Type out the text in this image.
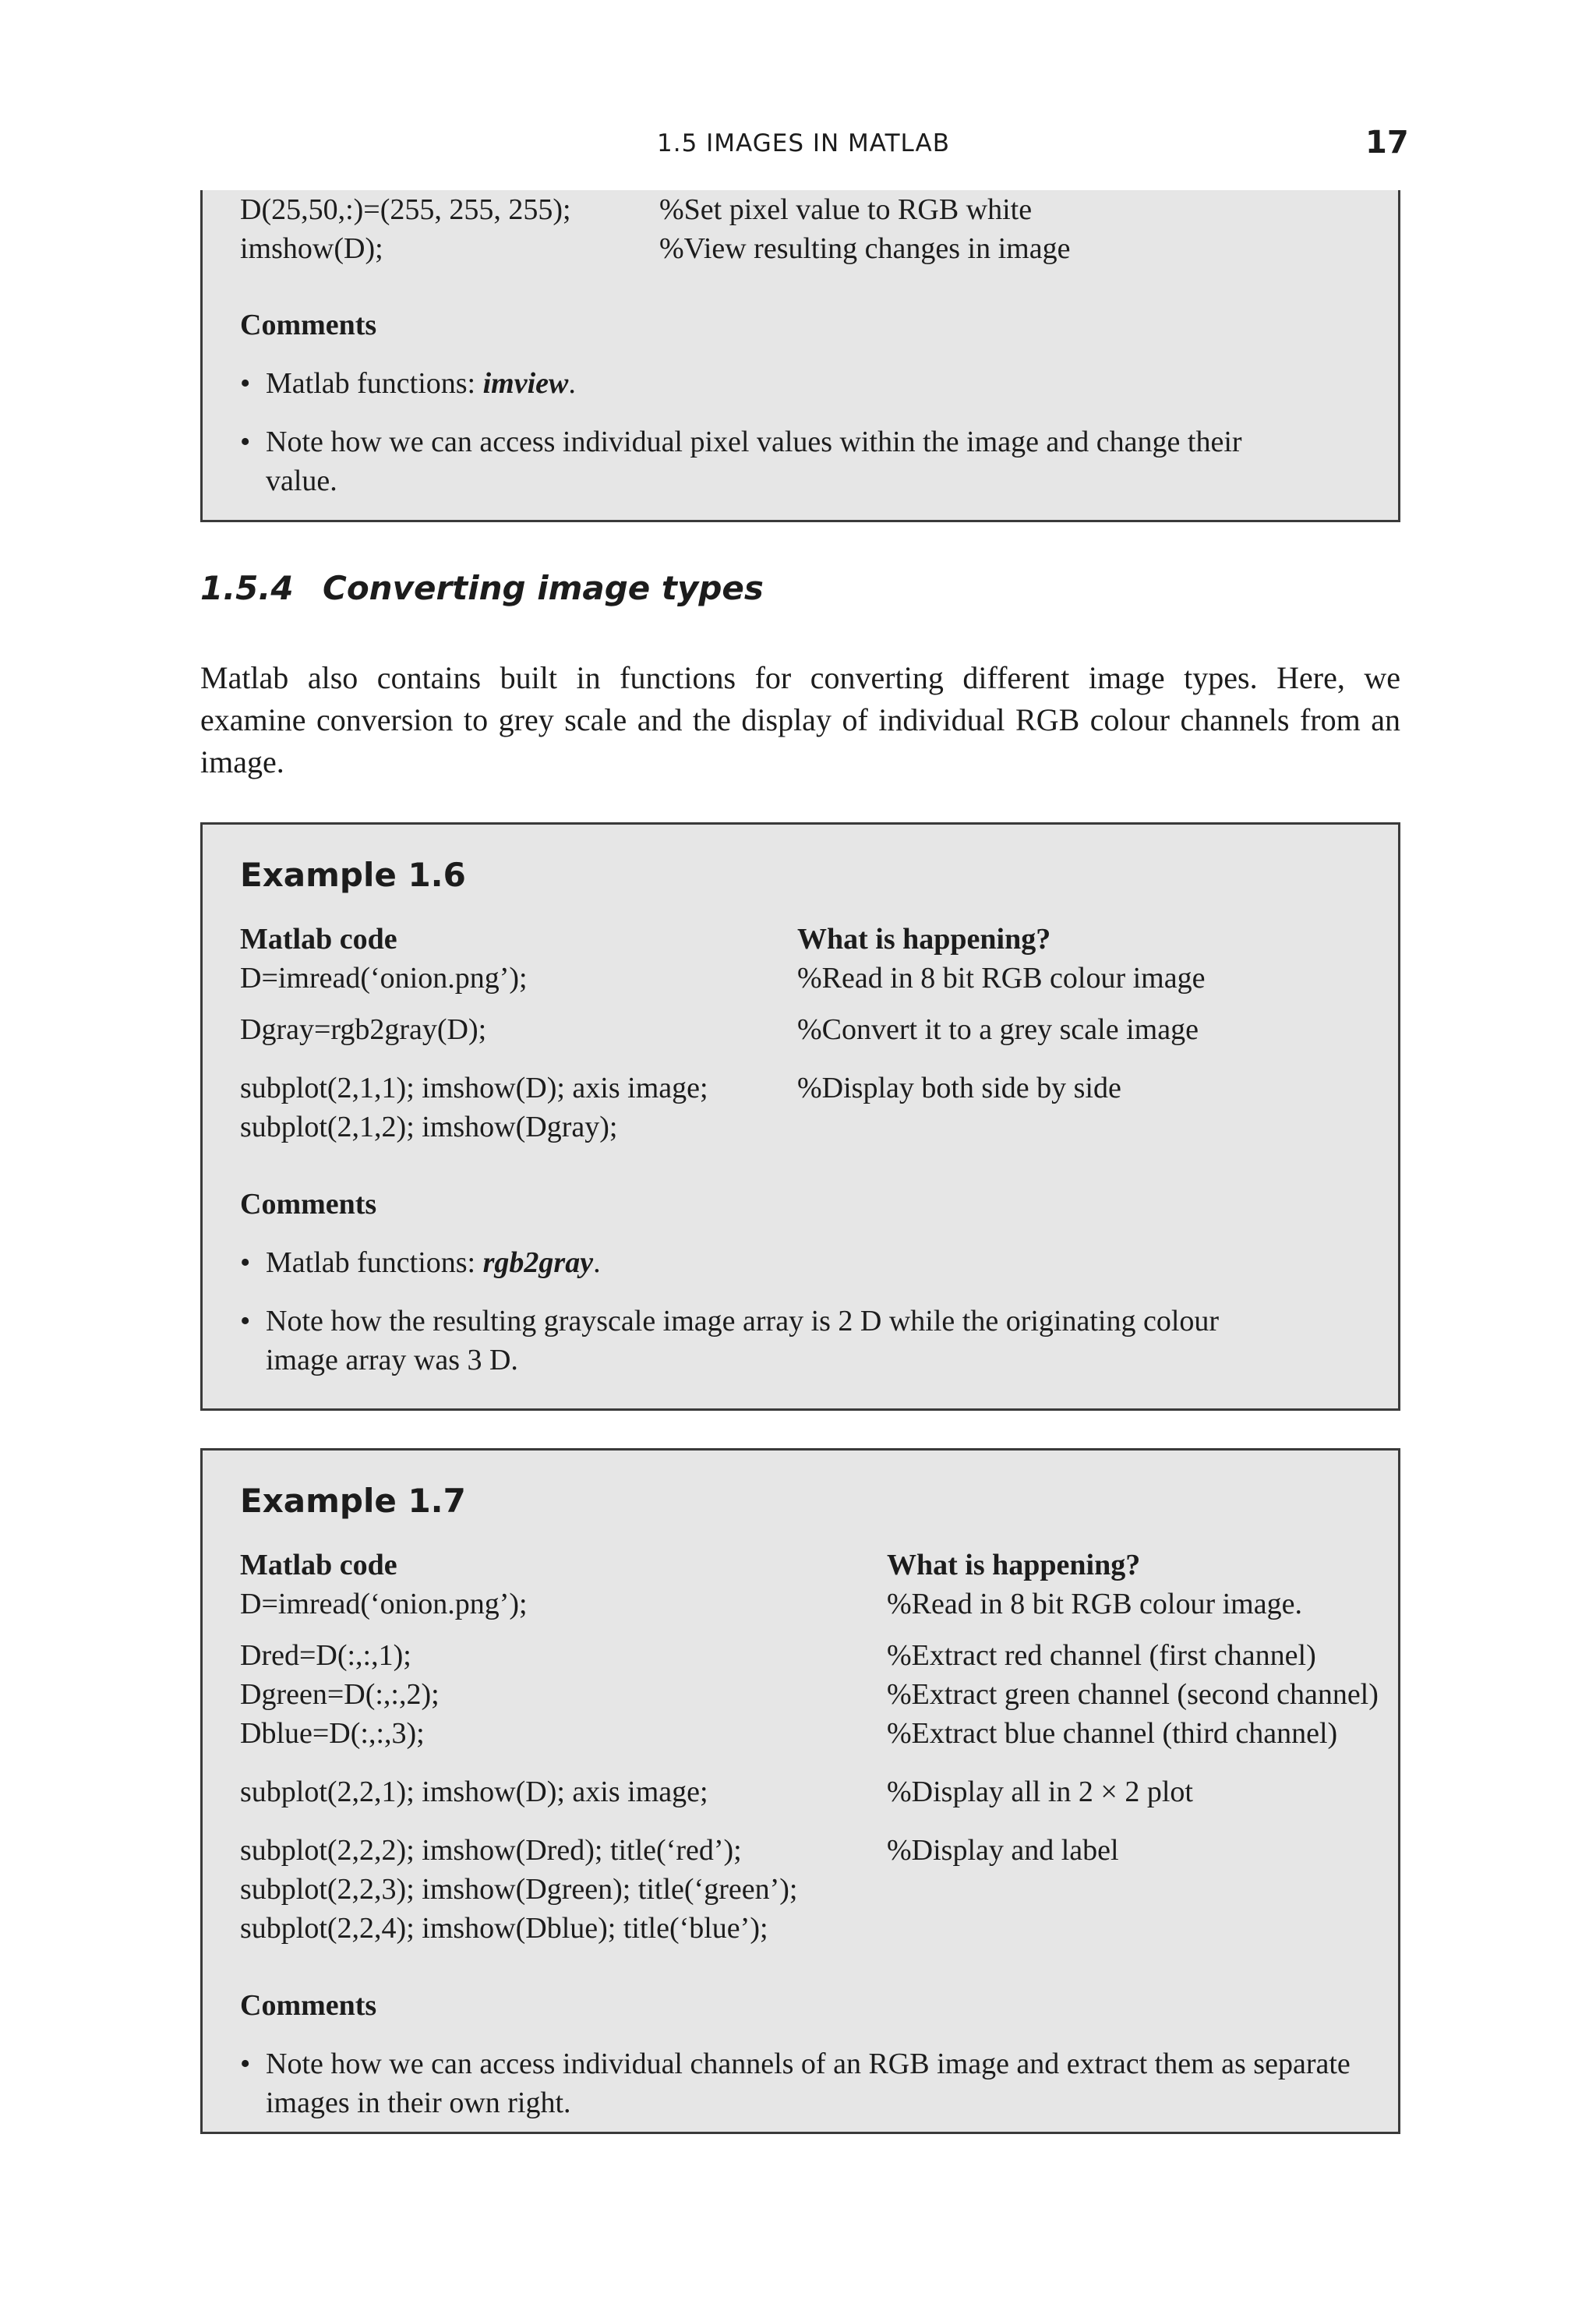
1.5 IMAGES IN MATLAB	17
D(25,50,:)=(255, 255, 255);	%Set pixel value to RGB white
imshow(D);	%View resulting changes in image
Comments
• Matlab functions: imview.
• Note how we can access individual pixel values within the image and change their
value.
1.5.4 Converting image types
Matlab also contains built in functions for converting different image types. Here, we
examine conversion to grey scale and the display of individual RGB colour channels from an
image.
Example 1.6
Matlab code	What is happening?
D=imread(‘onion.png’);	%Read in 8 bit RGB colour image
Dgray=rgb2gray(D);	%Convert it to a grey scale image
subplot(2,1,1); imshow(D); axis image;	%Display both side by side
subplot(2,1,2); imshow(Dgray);
Comments
• Matlab functions: rgb2gray.
• Note how the resulting grayscale image array is 2 D while the originating colour
image array was 3 D.
Example 1.7
Matlab code	What is happening?
D=imread(‘onion.png’);	%Read in 8 bit RGB colour image.
Dred=D(:,:,1);	%Extract red channel (first channel)
Dgreen=D(:,:,2);	%Extract green channel (second channel)
Dblue=D(:,:,3);	%Extract blue channel (third channel)
subplot(2,2,1); imshow(D); axis image;	%Display all in 2 × 2 plot
subplot(2,2,2); imshow(Dred); title(‘red’);	%Display and label
subplot(2,2,3); imshow(Dgreen); title(‘green’);
subplot(2,2,4); imshow(Dblue); title(‘blue’);
Comments
• Note how we can access individual channels of an RGB image and extract them as separate
images in their own right.
